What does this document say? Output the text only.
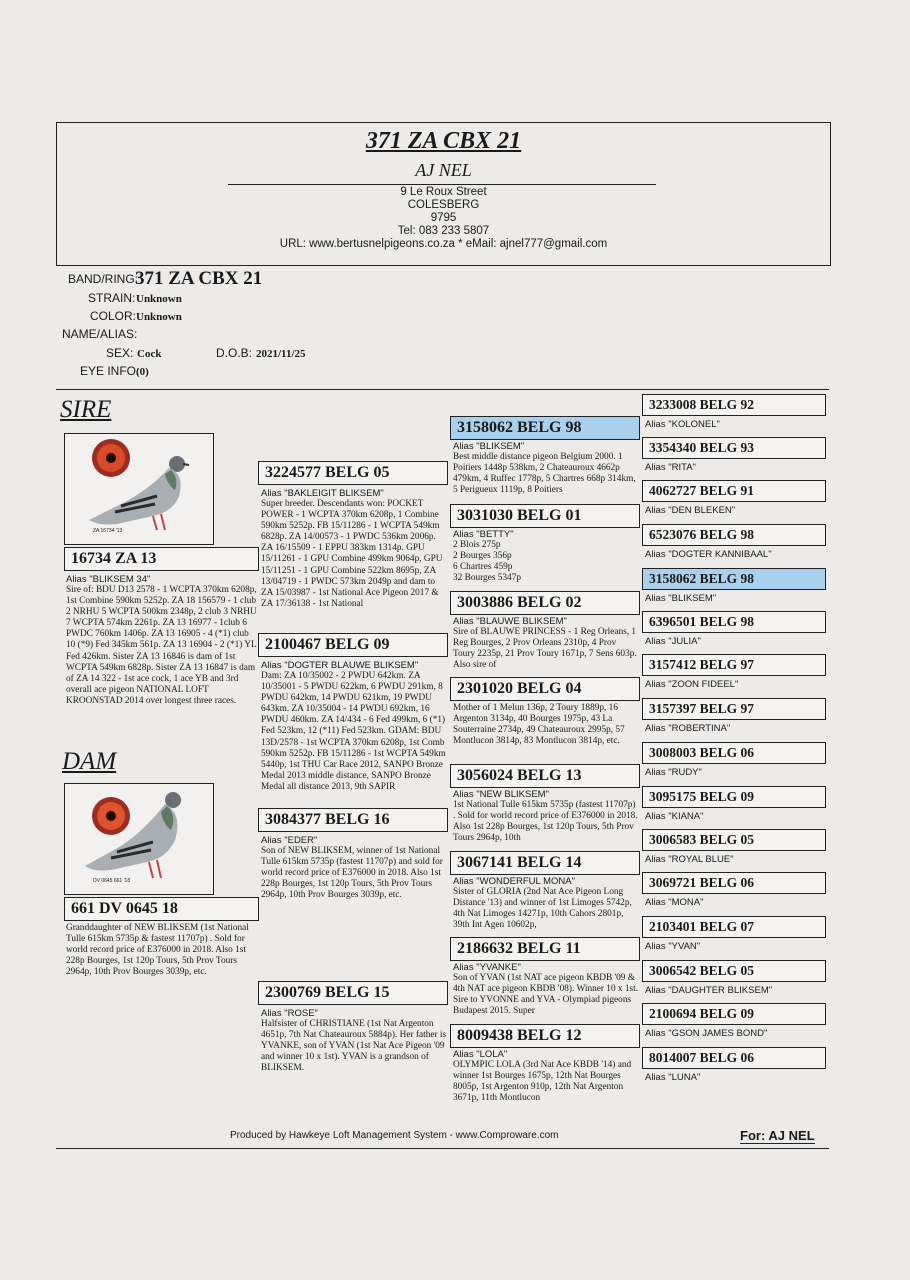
371 ZA CBX 21
AJ NEL
9 Le Roux Street
COLESBERG
9795
Tel: 083 233 5807
URL: www.bertusnelpigeons.co.za * eMail: ajnel777@gmail.com
BAND/RING:
371 ZA CBX 21
STRAIN: Unknown
COLOR: Unknown
NAME/ALIAS:
SEX: Cock	D.O.B: 2021/11/25
EYE INFO:
(0)
SIRE
ZA 16734 '13
16734 ZA 13
Alias "BLIKSEM 34"
Sire of: BDU D13 2578 - 1 WCPTA 370km 6208p, 1st Combine 590km 5252p. ZA 18 156579 - 1 club 2 NRHU 5 WCPTA 500km 2348p, 2 club 3 NRHU 7 WCPTA 574km 2261p. ZA 13 16977 - 1club 6 PWDC 760km 1406p. ZA 13 16905 - 4 (*1) club 10 (*9) Fed 345km 561p. ZA 13 16904 - 2 (*1) YL Fed 426km. Sister ZA 13 16846 is dam of 1st WCPTA 549km 6828p. Sister ZA 13 16847 is dam of ZA 14 322 - 1st ace cock, 1 ace YB and 3rd overall ace pigeon NATIONAL LOFT KROONSTAD 2014 over longest three races.
DAM
DV 0645 661 '18
661 DV 0645 18
Granddaughter of NEW BLIKSEM (1st National Tulle 615km 5735p & fastest 11707p) . Sold for world record price of E376000 in 2018. Also 1st 228p Bourges, 1st 120p Tours, 5th Prov Tours 2964p, 10th Prov Bourges 3039p, etc.
3224577 BELG 05
Alias "BAKLEIGIT BLIKSEM"
Super breeder. Descendants won: POCKET POWER - 1 WCPTA 370km 6208p, 1 Combine 590km 5252p. FB 15/11286 - 1 WCPTA 549km 6828p. ZA 14/00573 - 1 PWDC 536km 2006p. ZA 16/15509 - 1 EPPU 383km 1314p. GPU 15/11261 - 1 GPU Combine 499km 9064p, GPU 15/11251 - 1 GPU Combine 522km 8695p, ZA 13/04719 - 1 PWDC 573km 2049p and dam to ZA 15/03987 - 1st National Ace Pigeon 2017 & ZA 17/36138 - 1st National
2100467 BELG 09
Alias "DOGTER BLAUWE BLIKSEM"
Dam: ZA 10/35002 - 2 PWDU 642km. ZA 10/35001 - 5 PWDU 622km, 6 PWDU 291km, 8 PWDU 642km, 14 PWDU 621km, 19 PWDU 643km. ZA 10/35004 - 14 PWDU 692km, 16 PWDU 460km. ZA 14/434 - 6 Fed 499km, 6 (*1) Fed 523km, 12 (*11) Fed 523km. GDAM: BDU 13D/2578 - 1st WCPTA 370km 6208p, 1st Comb 590km 5252p. FB 15/11286 - 1st WCPTA 549km 5440p, 1st THU Car Race 2012, SANPO Bronze Medal 2013 middle distance, SANPO Bronze Medal all distance 2013, 9th SAPIR
3084377 BELG 16
Alias "EDER"
Son of NEW BLIKSEM, winner of 1st National Tulle 615km 5735p (fastest 11707p) and sold for world record price of E376000 in 2018. Also 1st 228p Bourges, 1st 120p Tours, 5th Prov Tours 2964p, 10th Prov Bourges 3039p, etc.
2300769 BELG 15
Alias "ROSE"
Halfsister of CHRISTIANE (1st Nat Argenton 4651p, 7th Nat Chateauroux 5884p). Her father is YVANKE, son of YVAN (1st Nat Ace Pigeon '09 and winner 10 x 1st). YVAN is a grandson of BLIKSEM.
3158062 BELG 98
Alias "BLIKSEM"
Best middle distance pigeon Belgium 2000. 1 Poitiers 1448p 538km, 2 Chateauroux 4662p 479km, 4 Ruffec 1778p, 5 Chartres 668p 314km, 5 Perigueux 1119p, 8 Poitiers
3031030 BELG 01
Alias "BETTY"
2 Blois 275p
2 Bourges 356p
6 Chartres 459p
32 Bourges 5347p
3003886 BELG 02
Alias "BLAUWE BLIKSEM"
Sire of BLAUWE PRINCESS - 1 Reg Orleans, 1 Reg Bourges, 2 Prov Orleans 2310p, 4 Prov Toury 2235p, 21 Prov Toury 1671p, 7 Sens 603p. Also sire of
2301020 BELG 04
Mother of 1 Melun 136p, 2 Toury 1889p, 16 Argenton 3134p, 40 Bourges 1975p, 43 La Souterraine 2734p, 49 Chateauroux 2995p, 57 Montlucon 3814p, 83 Montlucon 3814p, etc.
3056024 BELG 13
Alias "NEW BLIKSEM"
1st National Tulle 615km 5735p (fastest 11707p) . Sold for world record price of E376000 in 2018. Also 1st 228p Bourges, 1st 120p Tours, 5th Prov Tours 2964p, 10th
3067141 BELG 14
Alias "WONDERFUL MONA"
Sister of GLORIA (2nd Nat Ace Pigeon Long Distance '13) and winner of 1st Limoges 5742p, 4th Nat Limoges 14271p, 10th Cahors 2801p, 39th Int Agen 10602p,
2186632 BELG 11
Alias "YVANKE"
Son of YVAN (1st NAT ace pigeon KBDB '09 & 4th NAT ace pigeon KBDB '08). Winner 10 x 1st. Sire to YVONNE and YVA - Olympiad pigeons Budapest 2015. Super
8009438 BELG 12
Alias "LOLA"
OLYMPIC LOLA (3rd Nat Ace KBDB '14) and winner 1st Bourges 1675p, 12th Nat Bourges 8005p, 1st Argenton 910p, 12th Nat Argenton 3671p, 11th Montlucon
3233008 BELG 92
Alias "KOLONEL"
3354340 BELG 93
Alias "RITA"
4062727 BELG 91
Alias "DEN BLEKEN"
6523076 BELG 98
Alias "DOGTER KANNIBAAL"
3158062 BELG 98
Alias "BLIKSEM"
6396501 BELG 98
Alias "JULIA"
3157412 BELG 97
Alias "ZOON FIDEEL"
3157397 BELG 97
Alias "ROBERTINA"
3008003 BELG 06
Alias "RUDY"
3095175 BELG 09
Alias "KIANA"
3006583 BELG 05
Alias "ROYAL BLUE"
3069721 BELG 06
Alias "MONA"
2103401 BELG 07
Alias "YVAN"
3006542 BELG 05
Alias "DAUGHTER BLIKSEM"
2100694 BELG 09
Alias "GSON JAMES BOND"
8014007 BELG 06
Alias "LUNA"
Produced by Hawkeye Loft Management System - www.Comproware.com	For: AJ NEL
